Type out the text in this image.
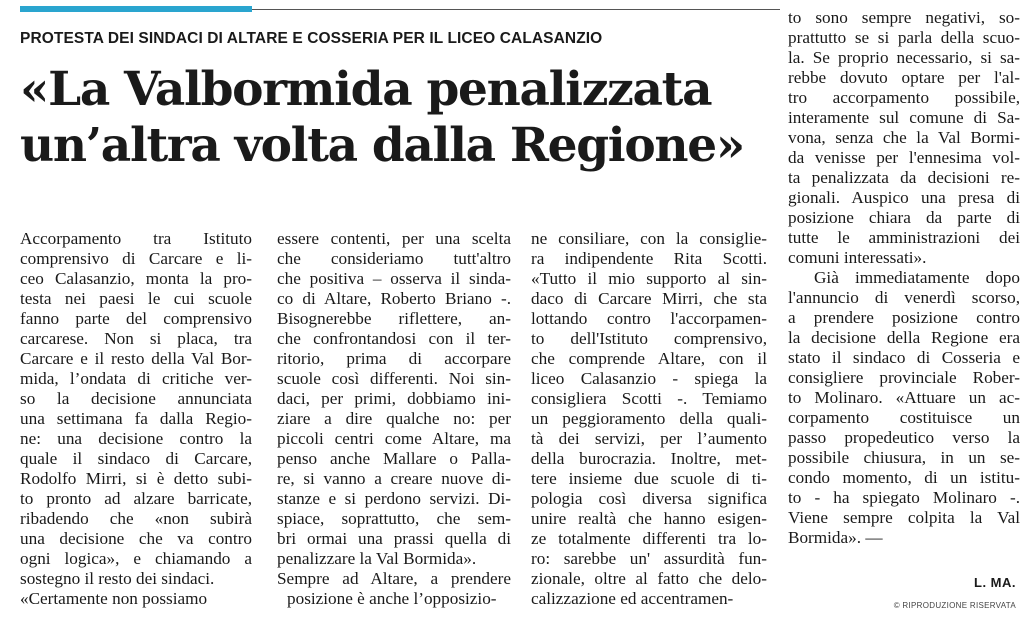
PROTESTA DEI SINDACI DI ALTARE E COSSERIA PER IL LICEO CALASANZIO
«La Valbormida penalizzata
un’altra volta dalla Regione»
Accorpamento tra Istituto
comprensivo di Carcare e li-
ceo Calasanzio, monta la pro-
testa nei paesi le cui scuole
fanno parte del comprensivo
carcarese. Non si placa, tra
Carcare e il resto della Val Bor-
mida, l’ondata di critiche ver-
so la decisione annunciata
una settimana fa dalla Regio-
ne: una decisione contro la
quale il sindaco di Carcare,
Rodolfo Mirri, si è detto subi-
to pronto ad alzare barricate,
ribadendo che «non subirà
una decisione che va contro
ogni logica», e chiamando a
sostegno il resto dei sindaci.
«Certamente non possiamo
essere contenti, per una scelta
che consideriamo tutt'altro
che positiva – osserva il sinda-
co di Altare, Roberto Briano -.
Bisognerebbe riflettere, an-
che confrontandosi con il ter-
ritorio, prima di accorpare
scuole così differenti. Noi sin-
daci, per primi, dobbiamo ini-
ziare a dire qualche no: per
piccoli centri come Altare, ma
penso anche Mallare o Palla-
re, si vanno a creare nuove di-
stanze e si perdono servizi. Di-
spiace, soprattutto, che sem-
bri ormai una prassi quella di
penalizzare la Val Bormida».
Sempre ad Altare, a prendere
posizione è anche l’opposizio-
ne consiliare, con la consiglie-
ra indipendente Rita Scotti.
«Tutto il mio supporto al sin-
daco di Carcare Mirri, che sta
lottando contro l'accorpamen-
to dell'Istituto comprensivo,
che comprende Altare, con il
liceo Calasanzio - spiega la
consigliera Scotti -. Temiamo
un peggioramento della quali-
tà dei servizi, per l’aumento
della burocrazia. Inoltre, met-
tere insieme due scuole di ti-
pologia così diversa significa
unire realtà che hanno esigen-
ze totalmente differenti tra lo-
ro: sarebbe un' assurdità fun-
zionale, oltre al fatto che delo-
calizzazione ed accentramen-
to sono sempre negativi, so-
prattutto se si parla della scuo-
la. Se proprio necessario, si sa-
rebbe dovuto optare per l'al-
tro accorpamento possibile,
interamente sul comune di Sa-
vona, senza che la Val Bormi-
da venisse per l'ennesima vol-
ta penalizzata da decisioni re-
gionali. Auspico una presa di
posizione chiara da parte di
tutte le amministrazioni dei
comuni interessati».
Già immediatamente dopo
l'annuncio di venerdì scorso,
a prendere posizione contro
la decisione della Regione era
stato il sindaco di Cosseria e
consigliere provinciale Rober-
to Molinaro. «Attuare un ac-
corpamento costituisce un
passo propedeutico verso la
possibile chiusura, in un se-
condo momento, di un istitu-
to - ha spiegato Molinaro -.
Viene sempre colpita la Val
Bormida». —
L. MA.
© RIPRODUZIONE RISERVATA
